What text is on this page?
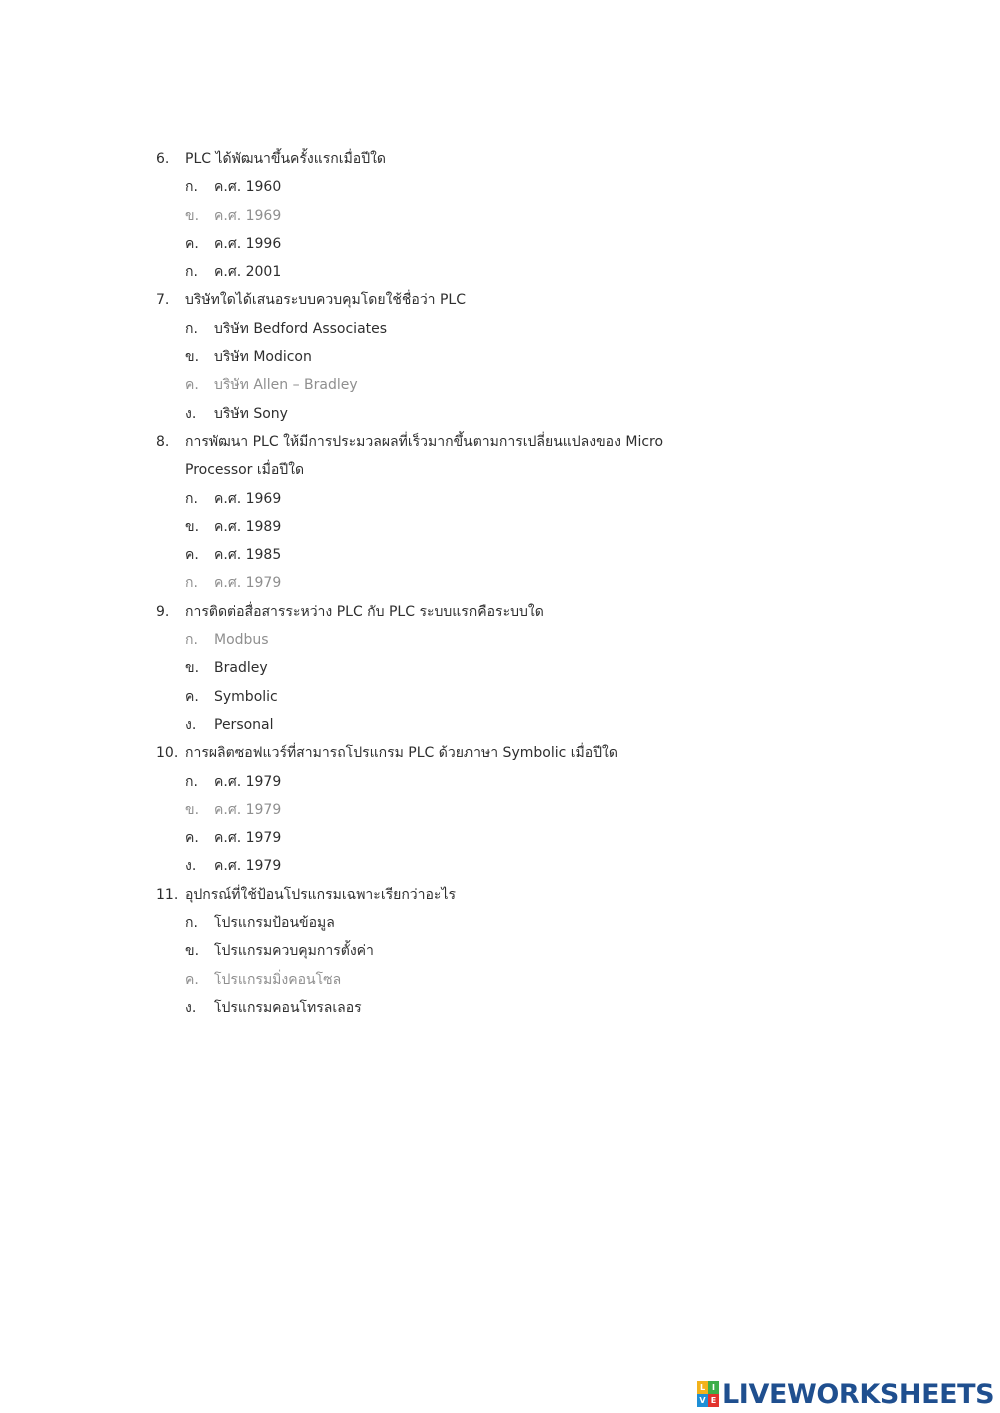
6. PLC ได้พัฒนาขึ้นครั้งแรกเมื่อปีใด
ก. ค.ศ. 1960
ข. ค.ศ. 1969
ค. ค.ศ. 1996
ก. ค.ศ. 2001
7. บริษัทใดได้เสนอระบบควบคุมโดยใช้ชื่อว่า PLC
ก. บริษัท Bedford Associates
ข. บริษัท Modicon
ค. บริษัท Allen – Bradley
ง. บริษัท Sony
8. การพัฒนา PLC ให้มีการประมวลผลที่เร็วมากขึ้นตามการเปลี่ยนแปลงของ Micro Processor เมื่อปีใด
ก. ค.ศ. 1969
ข. ค.ศ. 1989
ค. ค.ศ. 1985
ก. ค.ศ. 1979
9. การติดต่อสื่อสารระหว่าง PLC กับ PLC ระบบแรกคือระบบใด
ก. Modbus
ข. Bradley
ค. Symbolic
ง. Personal
10. การผลิตซอฟแวร์ที่สามารถโปรแกรม PLC ด้วยภาษา Symbolic เมื่อปีใด
ก. ค.ศ. 1979
ข. ค.ศ. 1979
ค. ค.ศ. 1979
ง. ค.ศ. 1979
11. อุปกรณ์ที่ใช้ป้อนโปรแกรมเฉพาะเรียกว่าอะไร
ก. โปรแกรมป้อนข้อมูล
ข. โปรแกรมควบคุมการตั้งค่า
ค. โปรแกรมมิ่งคอนโซล
ง. โปรแกรมคอนโทรลเลอร
L I
V E LIVEWORKSHEETS
